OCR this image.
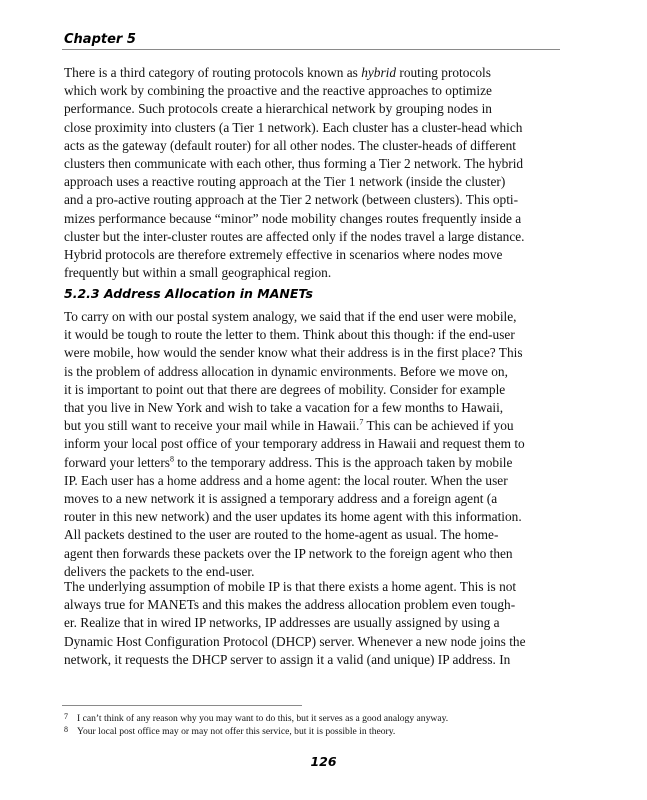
Chapter 5
There is a third category of routing protocols known as hybrid routing protocols
which work by combining the proactive and the reactive approaches to optimize
performance. Such protocols create a hierarchical network by grouping nodes in
close proximity into clusters (a Tier 1 network). Each cluster has a cluster-head which
acts as the gateway (default router) for all other nodes. The cluster-heads of different
clusters then communicate with each other, thus forming a Tier 2 network. The hybrid
approach uses a reactive routing approach at the Tier 1 network (inside the cluster)
and a pro-active routing approach at the Tier 2 network (between clusters). This opti-
mizes performance because “minor” node mobility changes routes frequently inside a
cluster but the inter-cluster routes are affected only if the nodes travel a large distance.
Hybrid protocols are therefore extremely effective in scenarios where nodes move
frequently but within a small geographical region.
5.2.3 Address Allocation in MANETs
To carry on with our postal system analogy, we said that if the end user were mobile,
it would be tough to route the letter to them. Think about this though: if the end-user
were mobile, how would the sender know what their address is in the first place? This
is the problem of address allocation in dynamic environments. Before we move on,
it is important to point out that there are degrees of mobility. Consider for example
that you live in New York and wish to take a vacation for a few months to Hawaii,
but you still want to receive your mail while in Hawaii.$^7$ This can be achieved if you
inform your local post office of your temporary address in Hawaii and request them to
forward your letters$^8$ to the temporary address. This is the approach taken by mobile
IP. Each user has a home address and a home agent: the local router. When the user
moves to a new network it is assigned a temporary address and a foreign agent (a
router in this new network) and the user updates its home agent with this information.
All packets destined to the user are routed to the home-agent as usual. The home-
agent then forwards these packets over the IP network to the foreign agent who then
delivers the packets to the end-user.
The underlying assumption of mobile IP is that there exists a home agent. This is not
always true for MANETs and this makes the address allocation problem even tough-
er. Realize that in wired IP networks, IP addresses are usually assigned by using a
Dynamic Host Configuration Protocol (DHCP) server. Whenever a new node joins the
network, it requests the DHCP server to assign it a valid (and unique) IP address. In
7 I can’t think of any reason why you may want to do this, but it serves as a good analogy anyway.
8 Your local post office may or may not offer this service, but it is possible in theory.
126
